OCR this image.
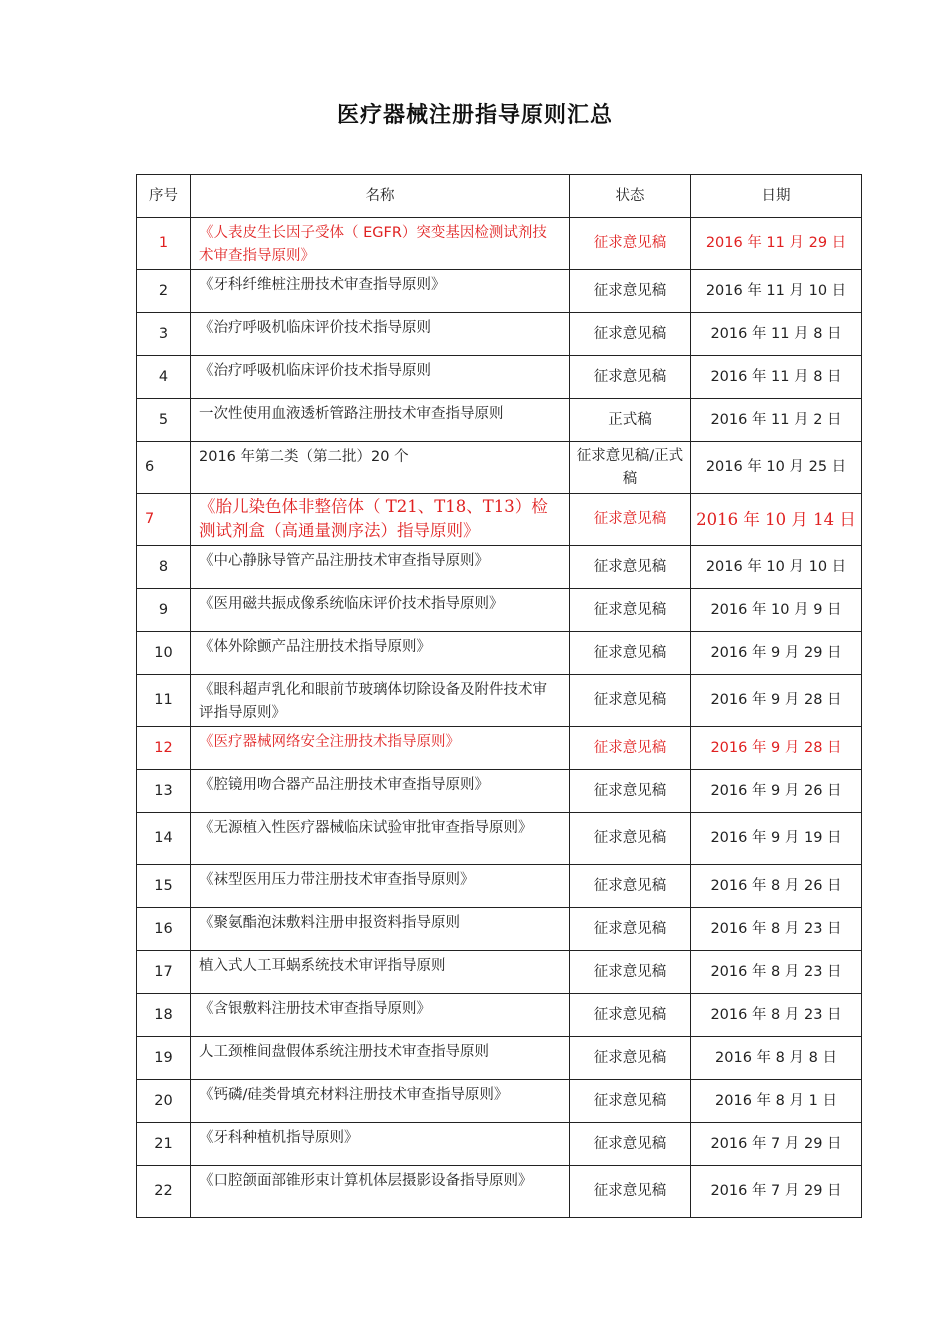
医疗器械注册指导原则汇总
序号	名称	状态	日期
1	《人表皮生长因子受体（ EGFR）突变基因检测试剂技术审查指导原则》	征求意见稿	2016 年 11 月 29 日
2	《牙科纤维桩注册技术审查指导原则》	征求意见稿	2016 年 11 月 10 日
3	《治疗呼吸机临床评价技术指导原则	征求意见稿	2016 年 11 月 8 日
4	《治疗呼吸机临床评价技术指导原则	征求意见稿	2016 年 11 月 8 日
5	一次性使用血液透析管路注册技术审查指导原则	正式稿	2016 年 11 月 2 日
6	2016 年第二类（第二批）20 个	征求意见稿/正式稿	2016 年 10 月 25 日
7	《胎儿染色体非整倍体（ T21、T18、T13）检测试剂盒（高通量测序法）指导原则》	征求意见稿	2016 年 10 月 14 日
8	《中心静脉导管产品注册技术审查指导原则》	征求意见稿	2016 年 10 月 10 日
9	《医用磁共振成像系统临床评价技术指导原则》	征求意见稿	2016 年 10 月 9 日
10	《体外除颤产品注册技术指导原则》	征求意见稿	2016 年 9 月 29 日
11	《眼科超声乳化和眼前节玻璃体切除设备及附件技术审评指导原则》	征求意见稿	2016 年 9 月 28 日
12	《医疗器械网络安全注册技术指导原则》	征求意见稿	2016 年 9 月 28 日
13	《腔镜用吻合器产品注册技术审查指导原则》	征求意见稿	2016 年 9 月 26 日
14	《无源植入性医疗器械临床试验审批审查指导原则》	征求意见稿	2016 年 9 月 19 日
15	《袜型医用压力带注册技术审查指导原则》	征求意见稿	2016 年 8 月 26 日
16	《聚氨酯泡沫敷料注册申报资料指导原则	征求意见稿	2016 年 8 月 23 日
17	植入式人工耳蜗系统技术审评指导原则	征求意见稿	2016 年 8 月 23 日
18	《含银敷料注册技术审查指导原则》	征求意见稿	2016 年 8 月 23 日
19	人工颈椎间盘假体系统注册技术审查指导原则	征求意见稿	2016 年 8 月 8 日
20	《钙磷/硅类骨填充材料注册技术审查指导原则》	征求意见稿	2016 年 8 月 1 日
21	《牙科种植机指导原则》	征求意见稿	2016 年 7 月 29 日
22	《口腔颌面部锥形束计算机体层摄影设备指导原则》	征求意见稿	2016 年 7 月 29 日
